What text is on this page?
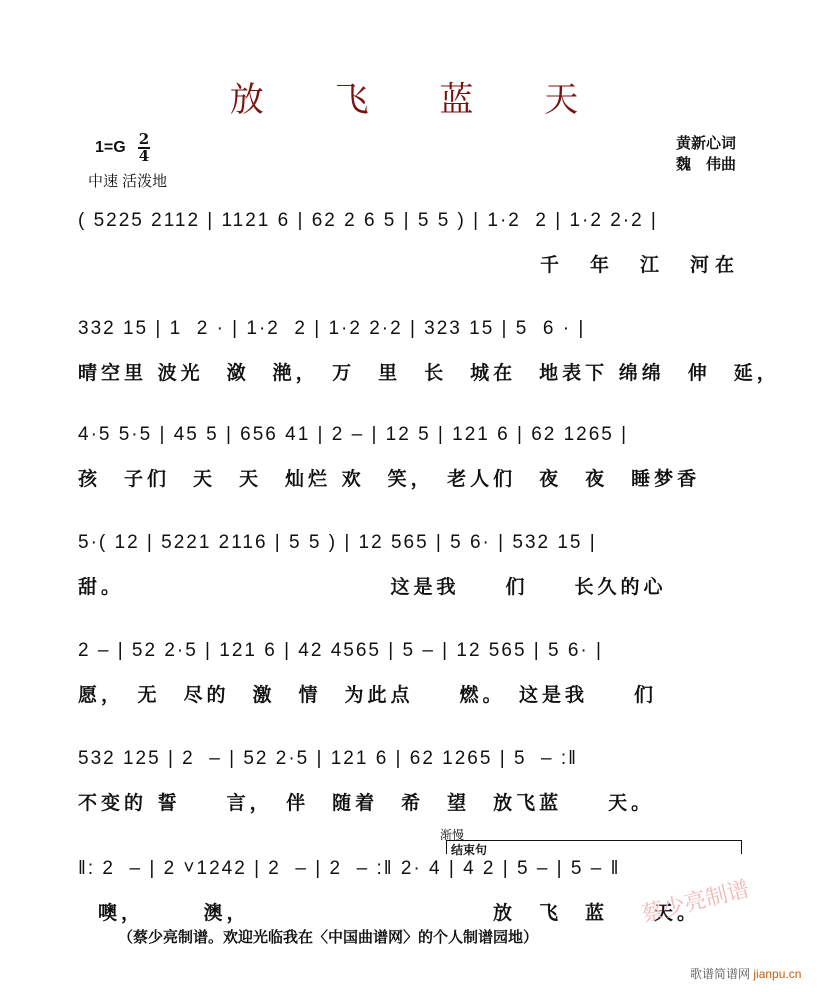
放 飞 蓝 天
$1=G \frac{2}{4}$
中速 活泼地
黄新心词
魏　伟曲
( 5225 2112 | 1121 6 | 62 2 6 5 | 5 5 ) | 1·2  2 | 1·2 2·2 |
千　年　江　河在
332 15 | 1  2 · | 1·2  2 | 1·2 2·2 | 323 15 | 5  6 · |
晴空里 波光　潋　滟，　万　里　长　城在　地表下 绵绵　伸　延，
4·5 5·5 | 45 5 | 656 41 | 2 – | 12 5 | 121 6 | 62 1265 |
孩　子们　天　天　灿烂 欢　笑，　老人们　夜　夜　睡梦香
5·( 12 | 5221 2116 | 5 5 ) | 12 565 | 5 6· | 532 15 |
甜。　　　　　　　　　　　　这是我　　们　　长久的心
2 – | 52 2·5 | 121 6 | 42 4565 | 5 – | 12 565 | 5 6· |
愿，　无　尽的　激　情　为此点　　燃。　这是我　　们
532 125 | 2  – | 52 2·5 | 121 6 | 62 1265 | 5  – :‖
不变的 誓　　言，　伴　随着　希　望　放飞蓝　　天。
渐慢
结束句
‖: 2  – | 2 ˅1242 | 2  – | 2  – :‖ 2· 4 | 4 2 | 5 – | 5 – ‖
噢，　　　澳，　　　　　　　　　　　放　飞　蓝　　天。
（蔡少亮制谱。欢迎光临我在〈中国曲谱网〉的个人制谱园地）
蔡少亮制谱
歌谱简谱网 jianpu.cn
